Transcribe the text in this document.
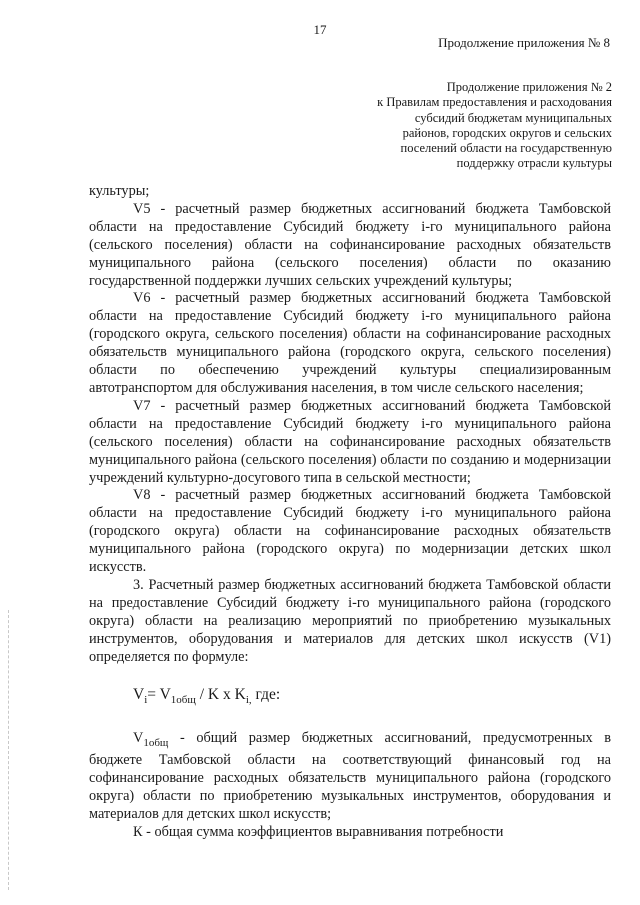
17
Продолжение приложения № 8
Продолжение приложения № 2
к Правилам предоставления и расходования
субсидий бюджетам муниципальных
районов, городских округов и сельских
поселений области на государственную
поддержку отрасли культуры

культуры;

V5 - расчетный размер бюджетных ассигнований бюджета Тамбовской области на предоставление Субсидий бюджету i-го муниципального района (сельского поселения) области на софинансирование расходных обязательств муниципального района (сельского поселения) области по оказанию государственной поддержки лучших сельских учреждений культуры;

V6 - расчетный размер бюджетных ассигнований бюджета Тамбовской области на предоставление Субсидий бюджету i-го муниципального района (городского округа, сельского поселения) области на софинансирование расходных обязательств муниципального района (городского округа, сельского поселения) области по обеспечению учреждений культуры специализированным автотранспортом для обслуживания населения, в том числе сельского населения;

V7 - расчетный размер бюджетных ассигнований бюджета Тамбовской области на предоставление Субсидий бюджету i-го муниципального района (сельского поселения) области на софинансирование расходных обязательств муниципального района (сельского поселения) области по созданию и модернизации учреждений культурно-досугового типа в сельской местности;

V8 - расчетный размер бюджетных ассигнований бюджета Тамбовской области на предоставление Субсидий бюджету i-го муниципального района (городского округа) области на софинансирование расходных обязательств муниципального района (городского округа) по модернизации детских школ искусств.

3. Расчетный размер бюджетных ассигнований бюджета Тамбовской области на предоставление Субсидий бюджету i-го муниципального района (городского округа) области на реализацию мероприятий по приобретению музыкальных инструментов, оборудования и материалов для детских школ искусств (V1) определяется по формуле:

$V_i= V_{1общ} / K$ x $K_{i,}$ где:

$V_{1общ}$ - общий размер бюджетных ассигнований, предусмотренных в бюджете Тамбовской области на соответствующий финансовый год на софинансирование расходных обязательств муниципального района (городского округа) области по приобретению музыкальных инструментов, оборудования и материалов для детских школ искусств;

К - общая сумма коэффициентов выравнивания потребности
